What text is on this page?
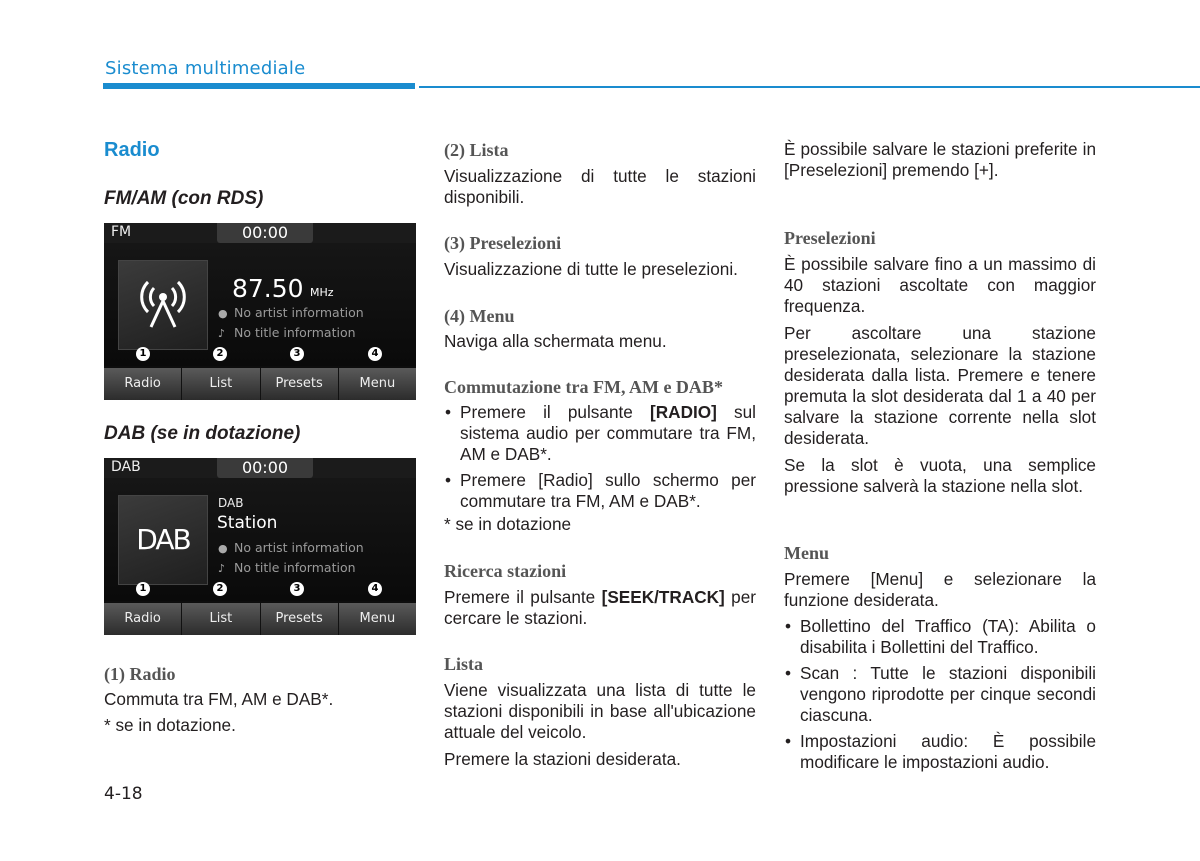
Sistema multimediale
Radio
FM/AM (con RDS)
FM	00:00
87.50 MHz
● No artist information
♪ No title information
1	2	3	4
Radio	List	Presets	Menu
DAB (se in dotazione)
DAB	00:00
DAB
DAB
Station
● No artist information
♪ No title information
1	2	3	4
Radio	List	Presets	Menu
(1) Radio
Commuta tra FM, AM e DAB*.
* se in dotazione.
(2) Lista
Visualizzazione di tutte le stazioni disponibili.
(3) Preselezioni
Visualizzazione di tutte le preselezioni.
(4) Menu
Naviga alla schermata menu.
Commutazione tra FM, AM e DAB*
• Premere il pulsante [RADIO] sul sistema audio per commutare tra FM, AM e DAB*.
• Premere [Radio] sullo schermo per commutare tra FM, AM e DAB*.
* se in dotazione
Ricerca stazioni
Premere il pulsante [SEEK/TRACK] per cercare le stazioni.
Lista
Viene visualizzata una lista di tutte le stazioni disponibili in base all'ubicazione attuale del veicolo.
Premere la stazioni desiderata.
È possibile salvare le stazioni preferite in [Preselezioni] premendo [+].
Preselezioni
È possibile salvare fino a un massimo di 40 stazioni ascoltate con maggior frequenza.
Per ascoltare una stazione preselezionata, selezionare la stazione desiderata dalla lista. Premere e tenere premuta la slot desiderata dal 1 a 40 per salvare la stazione corrente nella slot desiderata.
Se la slot è vuota, una semplice pressione salverà la stazione nella slot.
Menu
Premere [Menu] e selezionare la funzione desiderata.
• Bollettino del Traffico (TA): Abilita o disabilita i Bollettini del Traffico.
• Scan : Tutte le stazioni disponibili vengono riprodotte per cinque secondi ciascuna.
• Impostazioni audio: È possibile modificare le impostazioni audio.
4-18
